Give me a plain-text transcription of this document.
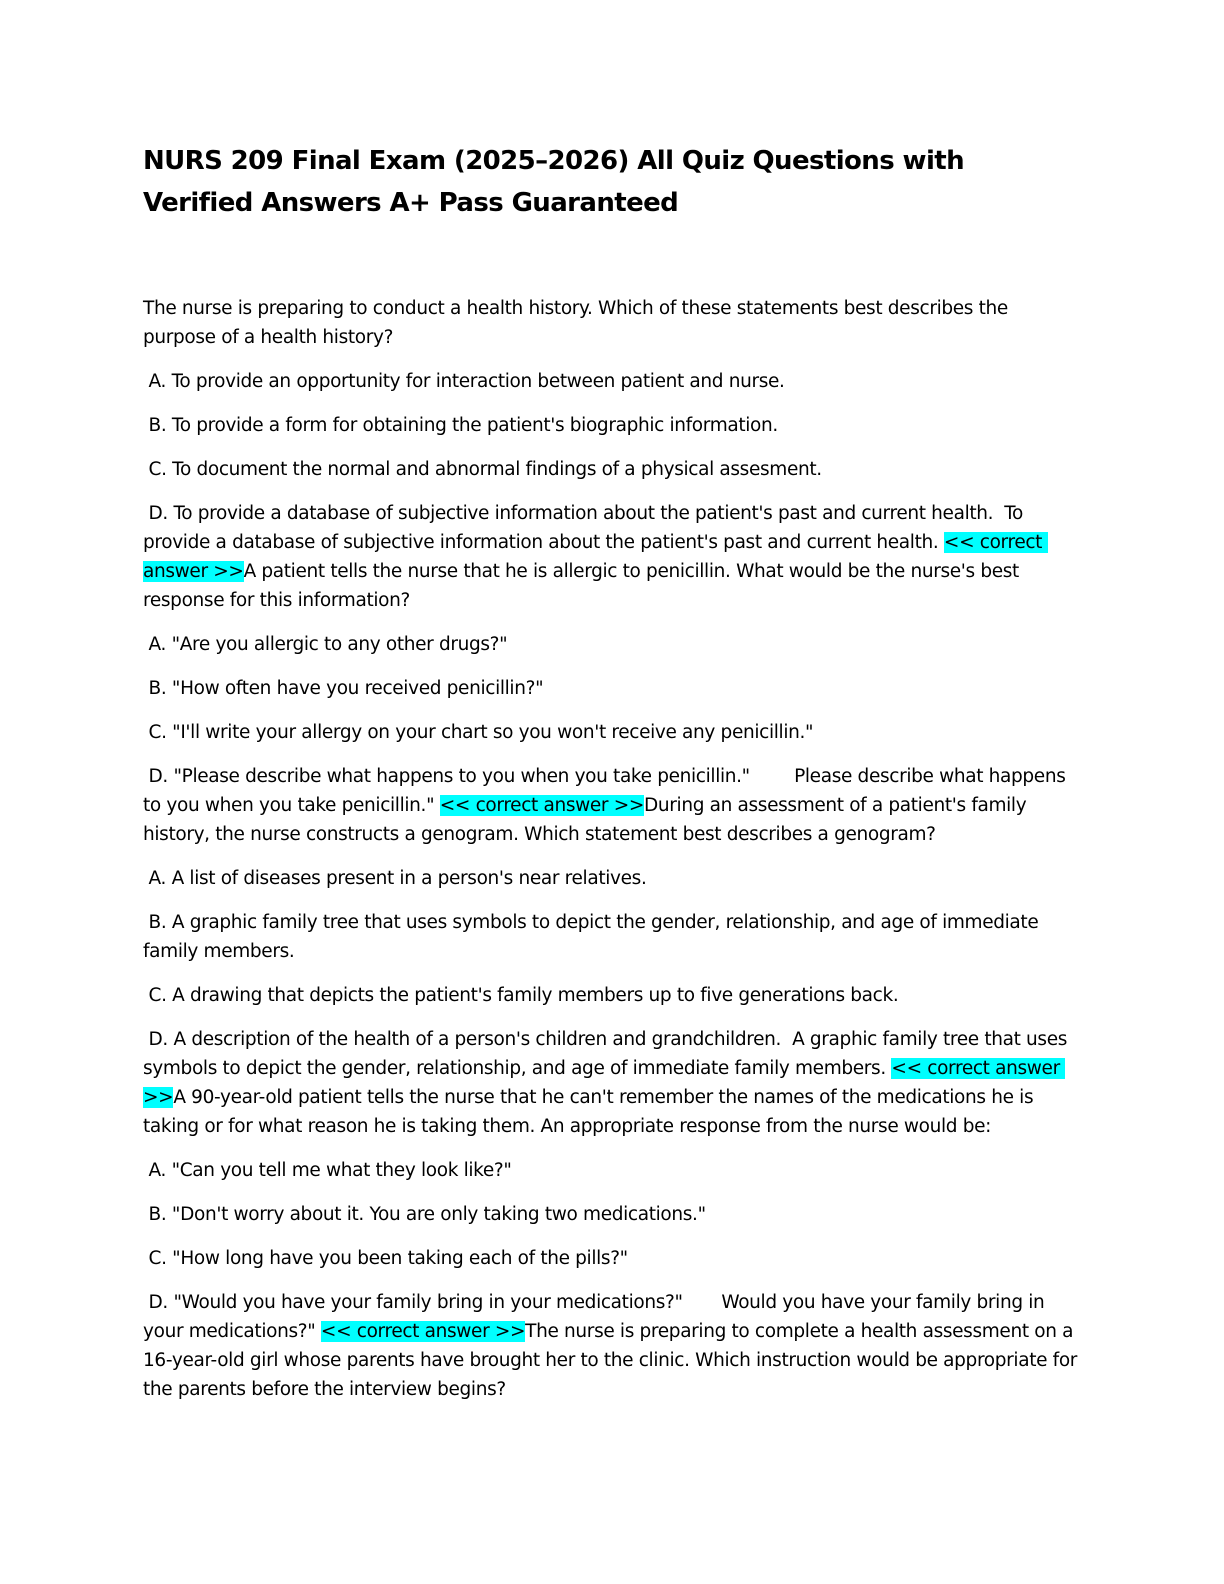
NURS 209 Final Exam (2025–2026) All Quiz Questions with Verified Answers A+ Pass Guaranteed

The nurse is preparing to conduct a health history. Which of these statements best describes the purpose of a health history?

A. To provide an opportunity for interaction between patient and nurse.

B. To provide a form for obtaining the patient's biographic information.

C. To document the normal and abnormal findings of a physical assesment.

D. To provide a database of subjective information about the patient's past and current health.  To provide a database of subjective information about the patient's past and current health. << correct answer >>A patient tells the nurse that he is allergic to penicillin. What would be the nurse's best response for this information?

A. "Are you allergic to any other drugs?"

B. "How often have you received penicillin?"

C. "I'll write your allergy on your chart so you won't receive any penicillin."

D. "Please describe what happens to you when you take penicillin."        Please describe what happens to you when you take penicillin." << correct answer >>During an assessment of a patient's family history, the nurse constructs a genogram. Which statement best describes a genogram?

A. A list of diseases present in a person's near relatives.

B. A graphic family tree that uses symbols to depict the gender, relationship, and age of immediate family members.

C. A drawing that depicts the patient's family members up to five generations back.

D. A description of the health of a person's children and grandchildren.  A graphic family tree that uses symbols to depict the gender, relationship, and age of immediate family members. << correct answer >>A 90-year-old patient tells the nurse that he can't remember the names of the medications he is taking or for what reason he is taking them. An appropriate response from the nurse would be:

A. "Can you tell me what they look like?"

B. "Don't worry about it. You are only taking two medications."

C. "How long have you been taking each of the pills?"

D. "Would you have your family bring in your medications?"       Would you have your family bring in your medications?" << correct answer >>The nurse is preparing to complete a health assessment on a 16-year-old girl whose parents have brought her to the clinic. Which instruction would be appropriate for the parents before the interview begins?
